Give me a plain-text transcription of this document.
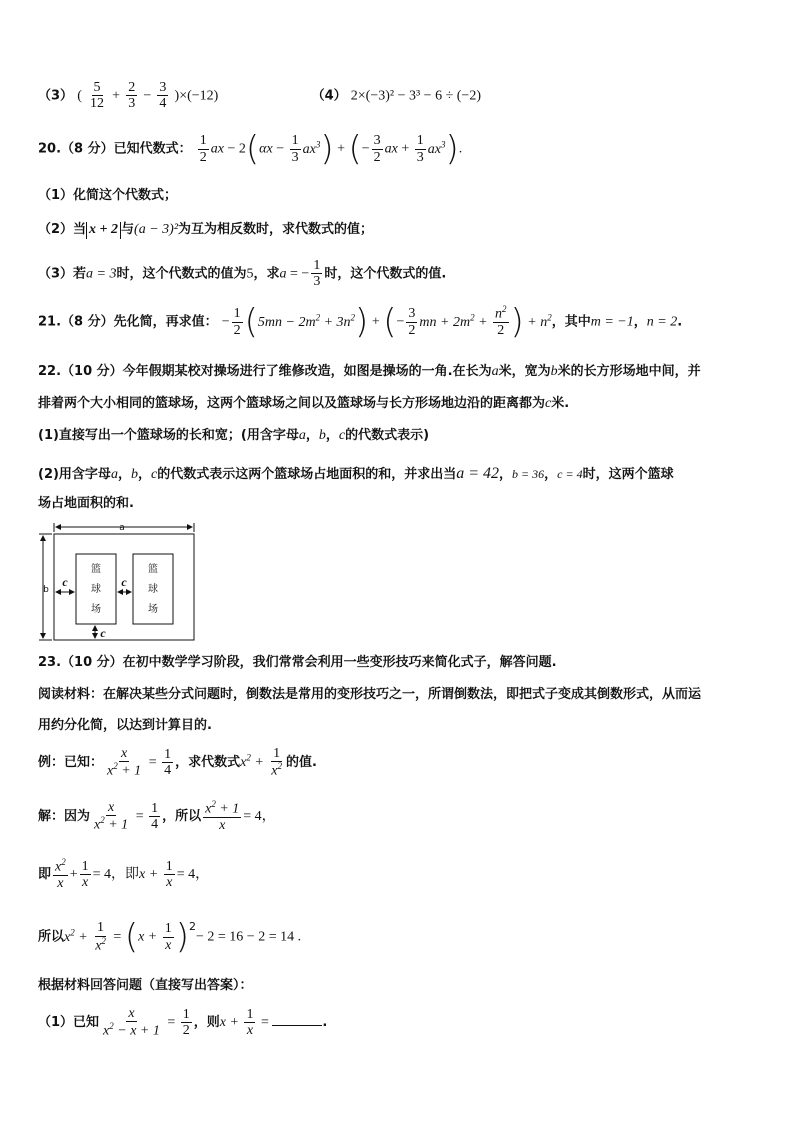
（3） ( $\frac{5}{12} + \frac{2}{3} - \frac{3}{4} )\times(-12)$	（4） 2×(−3)² − 3³ − 6 ÷ (−2)
20.（8 分）已知代数式： $\frac{1}{2}$ ax − $2(\alpha x - \frac{1}{3} ax^3)$ + (− $\frac{3}{2}$ ax + $\frac{1}{3} ax^3$).
（1）化简这个代数式；
（2）当 x + 2 与(a − 3)²为互为相反数时，求代数式的值；
（3）若a = 3时，这个代数式的值为5，求a = − $\frac{1}{3}$ 时，这个代数式的值.
21.（8 分）先化简，再求值： − $\frac{1}{2} (5mn - 2m^2 + 3n^2)$ + (− $\frac{3}{2}$ mn + $2m^2 + \frac{n^2}{2}$ ) + $n^2$，其中m = −1，n = 2.
22.（10 分）今年假期某校对操场进行了维修改造，如图是操场的一角.在长为a米，宽为b米的长方形场地中间，并
排着两个大小相同的篮球场，这两个篮球场之间以及篮球场与长方形场地边沿的距离都为c米.
(1)直接写出一个篮球场的长和宽；(用含字母a，b，c的代数式表示)
(2)用含字母a，b，c的代数式表示这两个篮球场占地面积的和，并求出当a = 42，b = 36，c = 4时，这两个篮球
场占地面积的和.
a
b
篮
球
场
篮
球
场
c	c
c
23.（10 分）在初中数学学习阶段，我们常常会利用一些变形技巧来简化式子，解答问题.
阅读材料：在解决某些分式问题时，倒数法是常用的变形技巧之一，所谓倒数法，即把式子变成其倒数形式，从而运
用约分化简，以达到计算目的.
例：已知： $\frac{x}{x^2 + 1} = \frac{1}{4}$ ，求代数式$x^2 + \frac{1}{x^2}$ 的值.
解：因为 $\frac{x}{x^2 + 1} = \frac{1}{4}$ ，所以 $\frac{x^2 + 1}{x} = 4$，
即 $\frac{x^2}{x} + \frac{1}{x} = 4$，即$x + \frac{1}{x} = 4$，
所以$x^2 + \frac{1}{x^2} = (x + \frac{1}{x} )^2- 2 = 16 - 2 = 14$ .
根据材料回答问题（直接写出答案）：
（1）已知 $\frac{x}{x^2 - x + 1} = \frac{1}{2}$ ，则$x + \frac{1}{x}$ =	.
